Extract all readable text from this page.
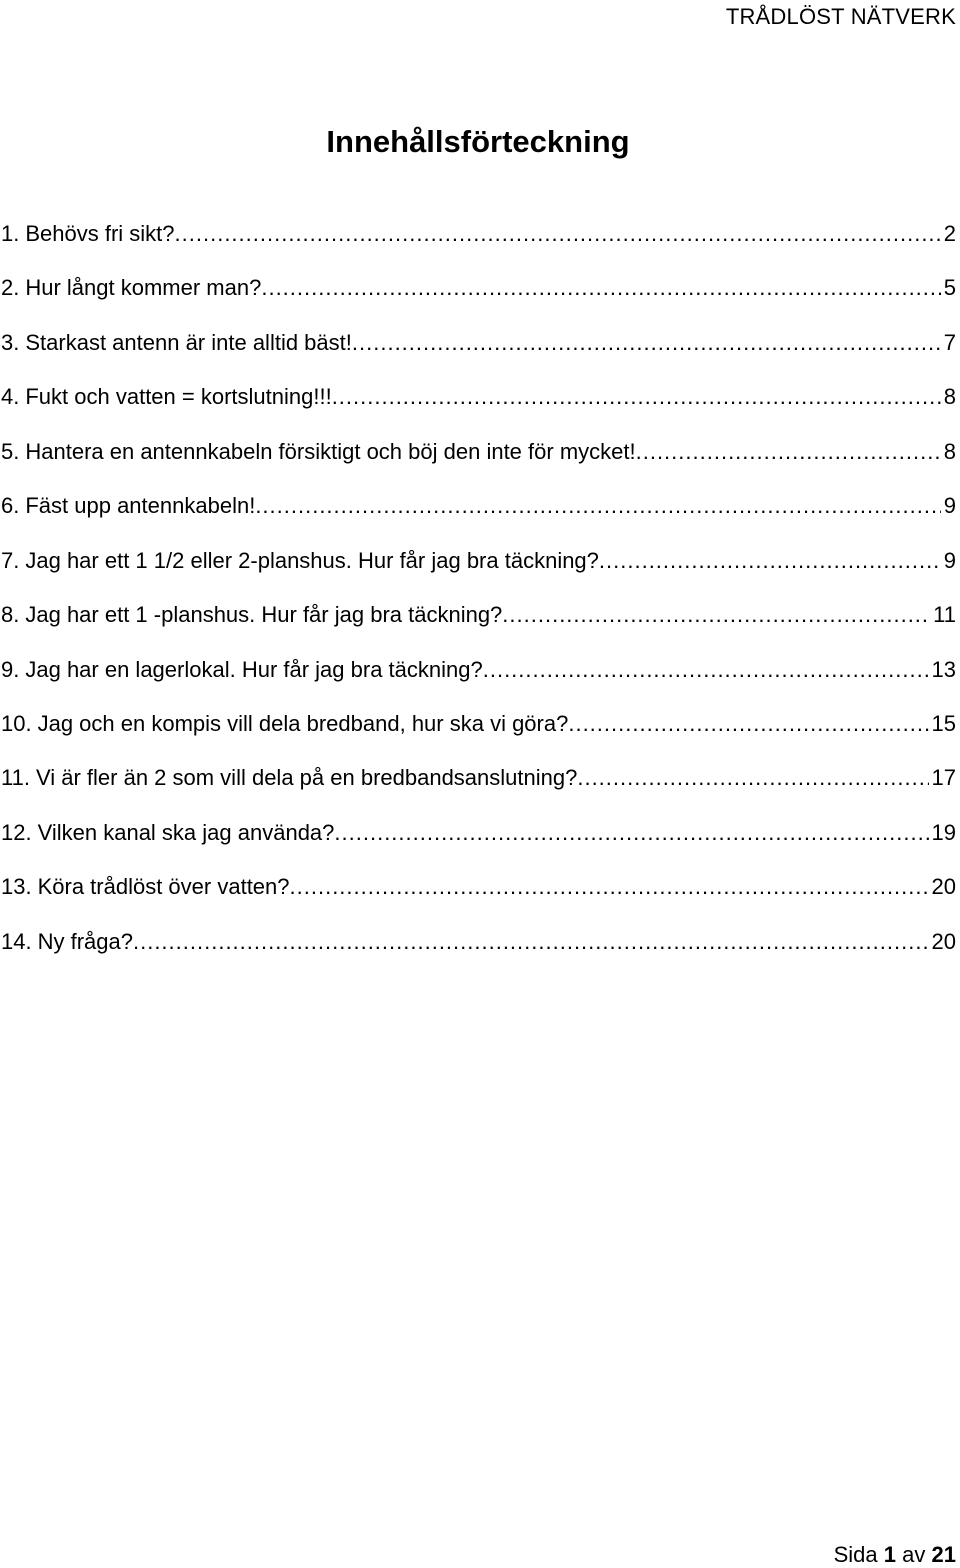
TRÅDLÖST NÄTVERK
Innehållsförteckning
1. Behövs fri sikt? .....	2
2. Hur långt kommer man? .....	5
3. Starkast antenn är inte alltid bäst! .....	7
4. Fukt och vatten = kortslutning!!! .....	8
5. Hantera en antennkabeln försiktigt och böj den inte för mycket! .....	8
6. Fäst upp antennkabeln! .....	9
7. Jag har ett 1 1/2 eller 2-planshus. Hur får jag bra täckning? .....	9
8. Jag har ett 1 -planshus. Hur får jag bra täckning? .....	11
9. Jag har en lagerlokal. Hur får jag bra täckning? .....	13
10. Jag och en kompis vill dela bredband, hur ska vi göra? .....	15
11. Vi är fler än 2 som vill dela på en bredbandsanslutning? .....	17
12. Vilken kanal ska jag använda? .....	19
13. Köra trådlöst över vatten? .....	20
14. Ny fråga? .....	20
Sida 1 av 21
